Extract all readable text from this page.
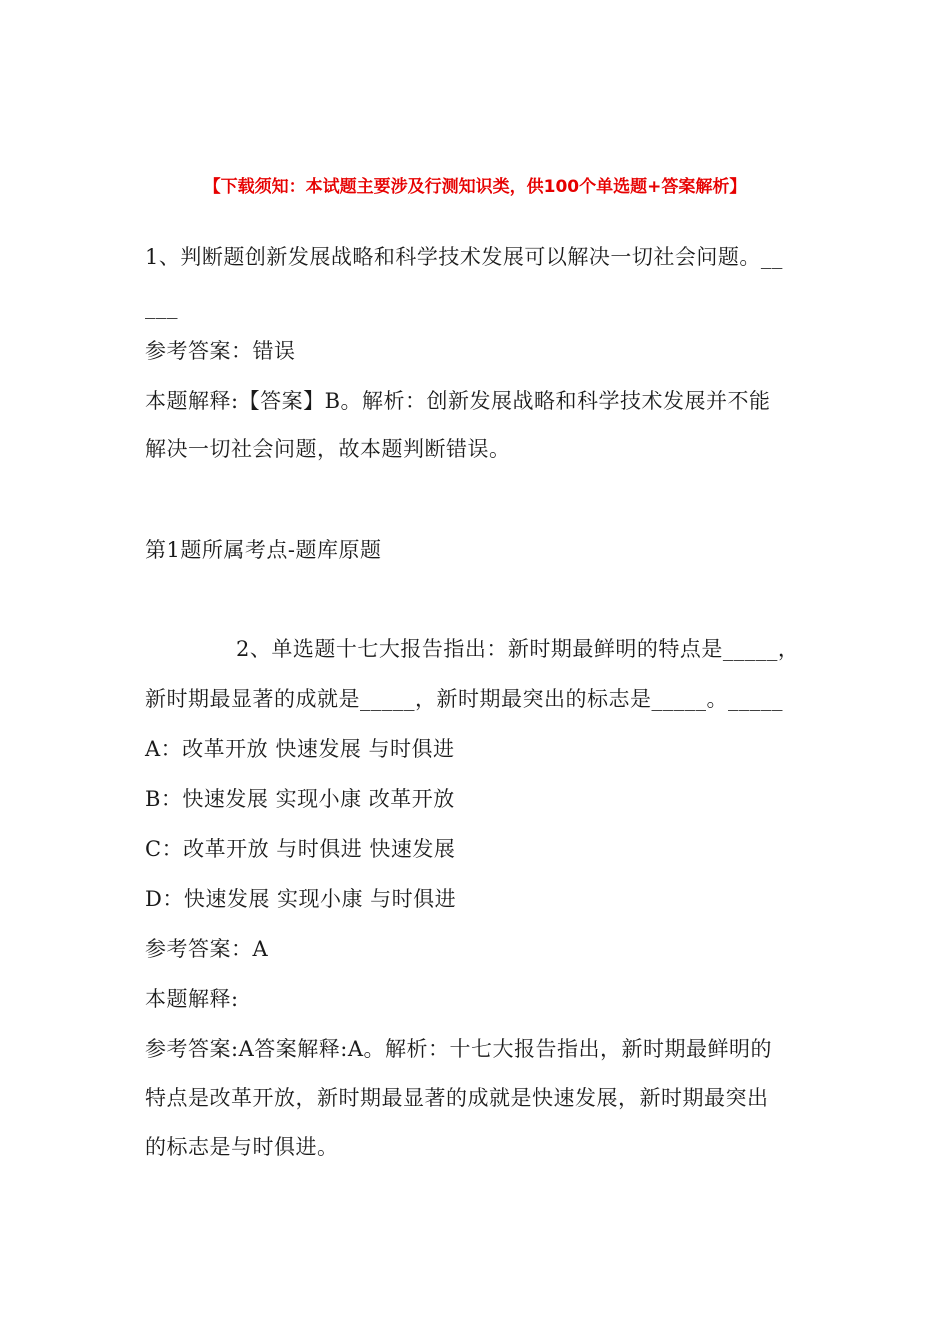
【下载须知：本试题主要涉及行测知识类，供100个单选题+答案解析】
1、判断题创新发展战略和科学技术发展可以解决一切社会问题。__
___
参考答案：错误
本题解释:【答案】B。解析：创新发展战略和科学技术发展并不能
解决一切社会问题，故本题判断错误。
第1题所属考点-题库原题
2、单选题十七大报告指出：新时期最鲜明的特点是_____，
新时期最显著的成就是_____，新时期最突出的标志是_____。_____
A：改革开放 快速发展 与时俱进
B：快速发展 实现小康 改革开放
C：改革开放 与时俱进 快速发展
D：快速发展 实现小康 与时俱进
参考答案：A
本题解释:
参考答案:A答案解释:A。解析：十七大报告指出，新时期最鲜明的
特点是改革开放，新时期最显著的成就是快速发展，新时期最突出
的标志是与时俱进。
